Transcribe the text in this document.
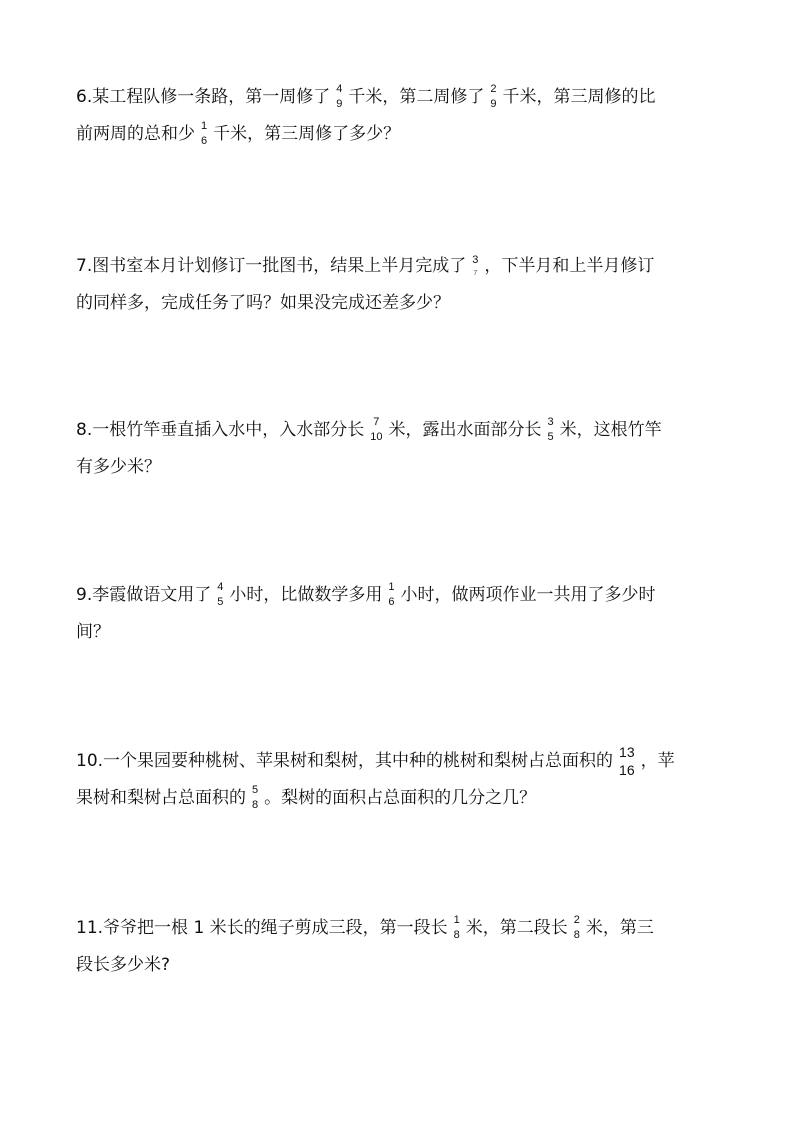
6.某工程队修一条路，第一周修了 4
9 千米，第二周修了 2
9 千米，第三周修的比
前两周的总和少 1
6 千米，第三周修了多少？
7.图书室本月计划修订一批图书，结果上半月完成了 3
7 ，下半月和上半月修订
的同样多，完成任务了吗？如果没完成还差多少？
8.一根竹竿垂直插入水中，入水部分长 7
10 米，露出水面部分长 3
5 米，这根竹竿
有多少米？
9.李霞做语文用了 4
5 小时，比做数学多用 1
6 小时，做两项作业一共用了多少时
间？
10.一个果园要种桃树、苹果树和梨树，其中种的桃树和梨树占总面积的 13
16 ，苹
果树和梨树占总面积的 5
8 。梨树的面积占总面积的几分之几？
11.爷爷把一根 1 米长的绳子剪成三段，第一段长 1
8 米，第二段长 2
8 米，第三
段长多少米?
